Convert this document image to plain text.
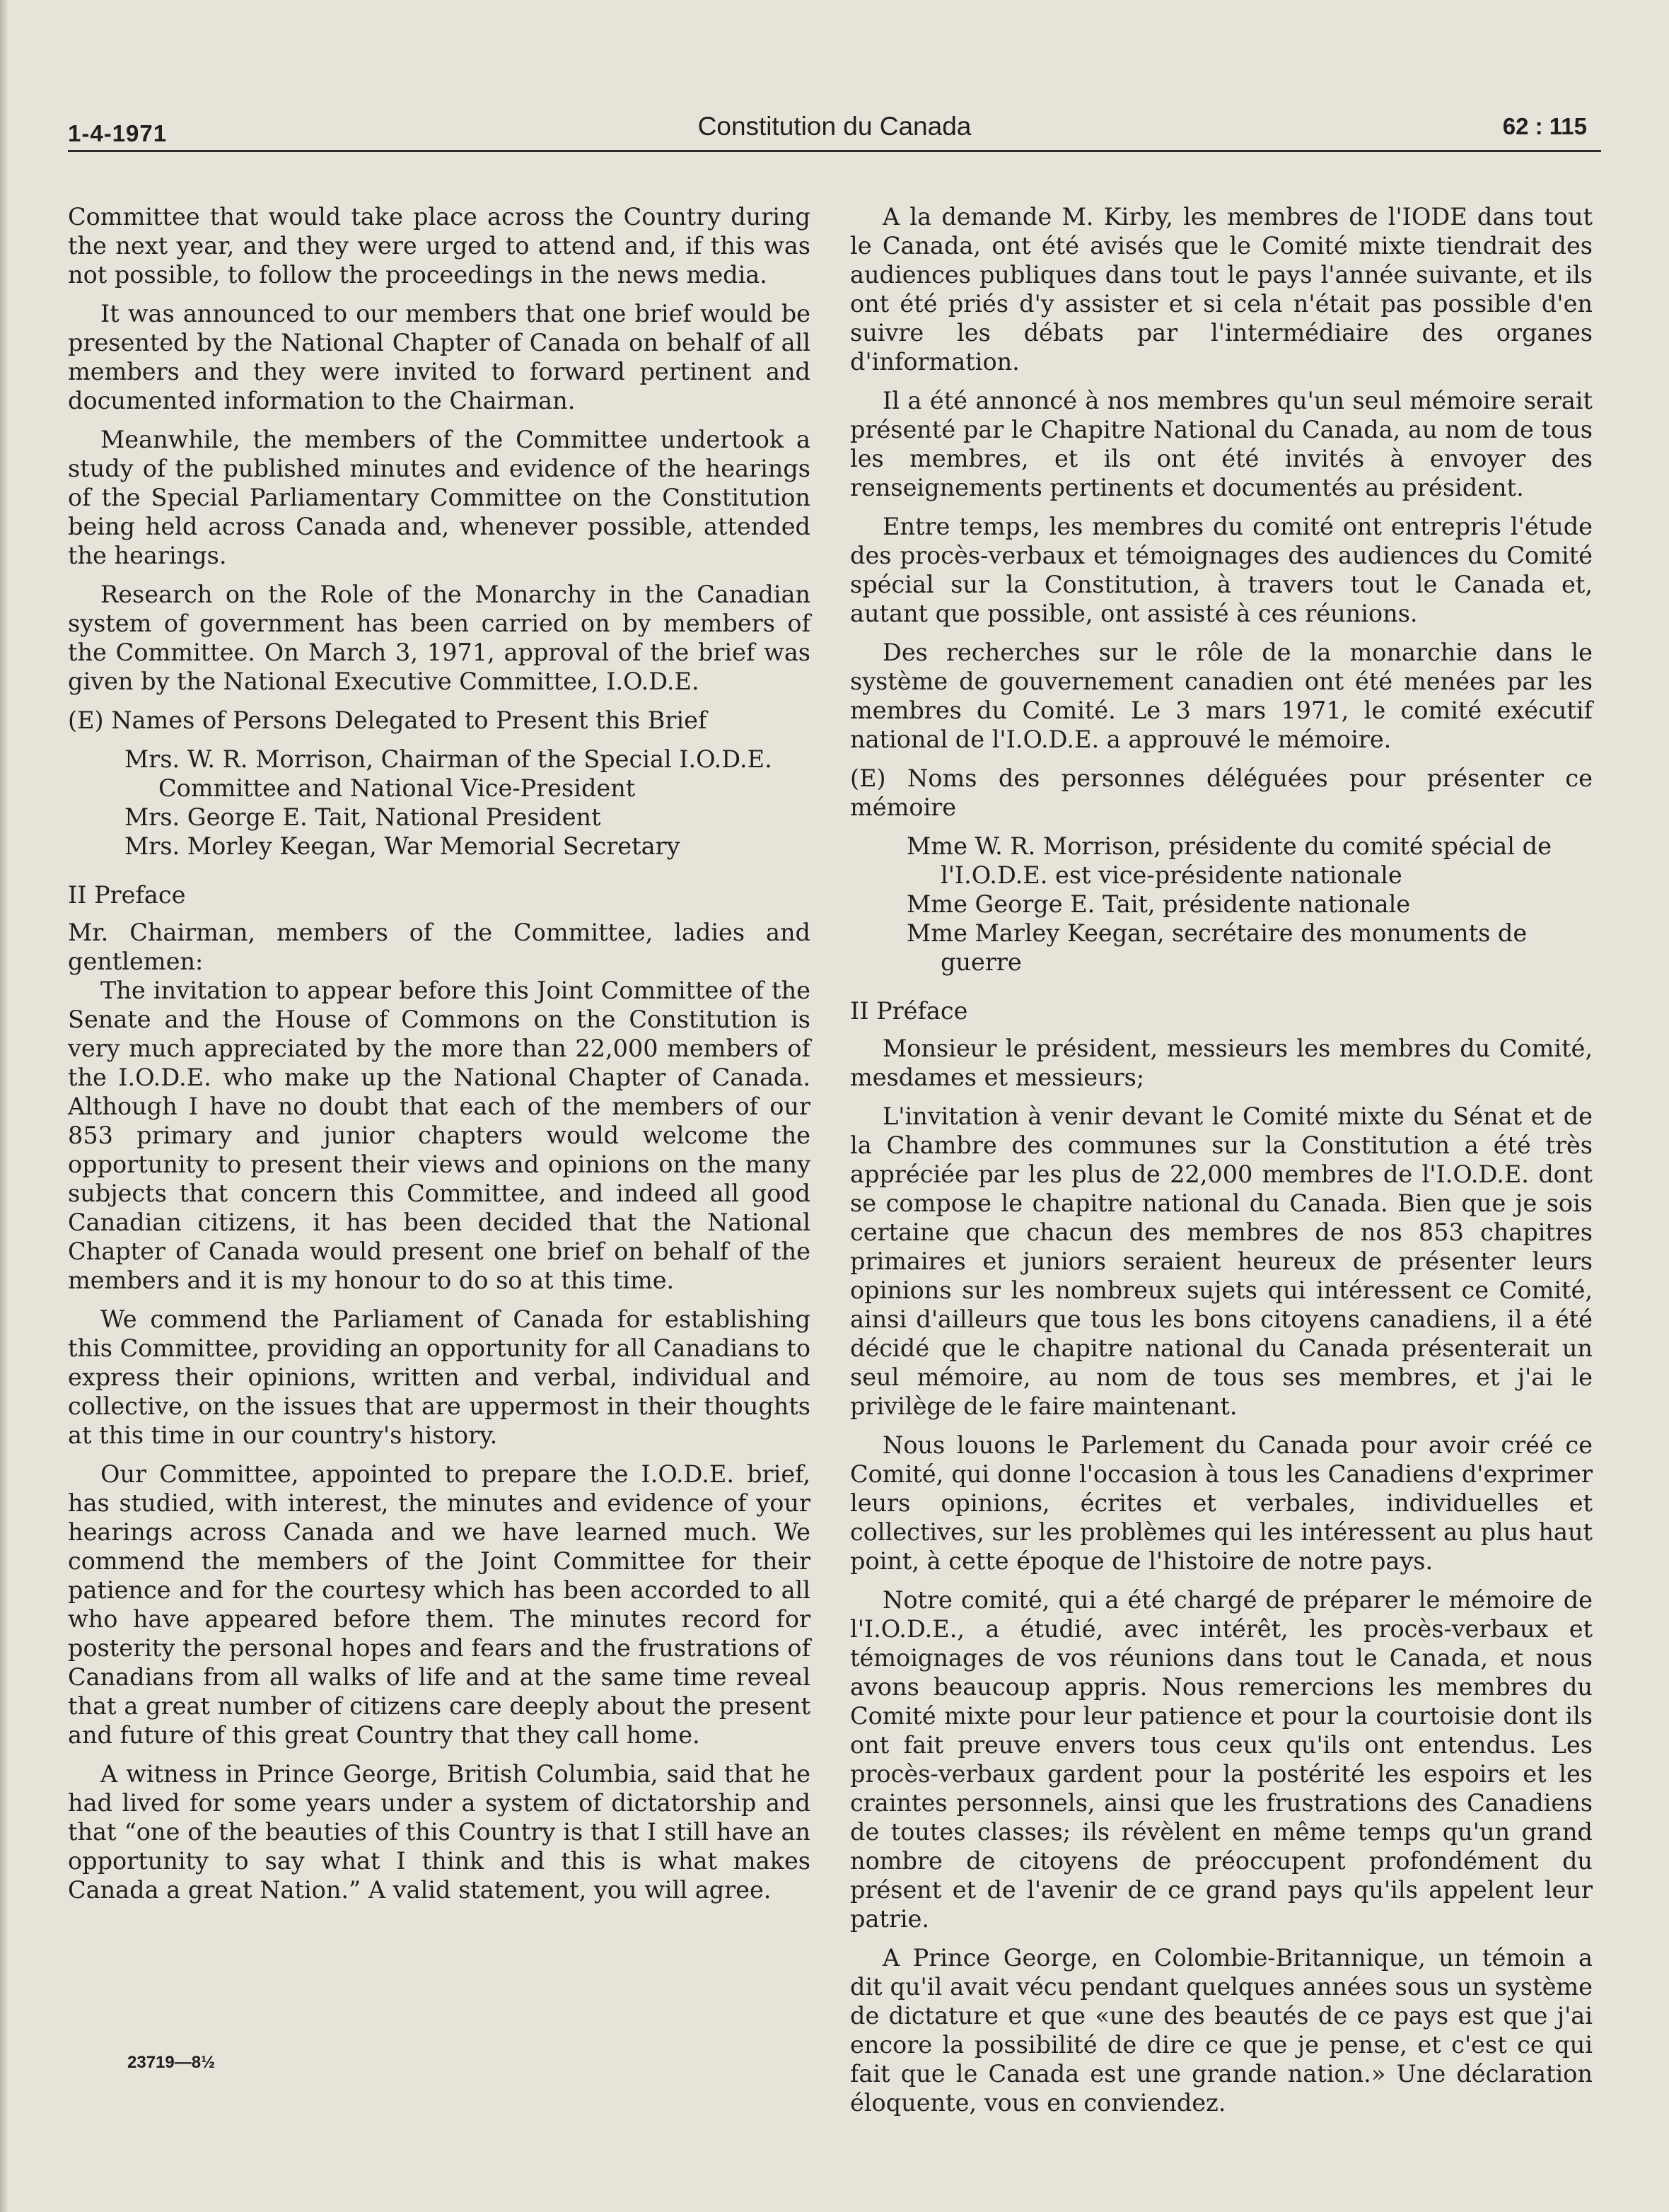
1-4-1971	Constitution du Canada	62 : 115

Committee that would take place across the Country during the next year, and they were urged to attend and, if this was not possible, to follow the proceedings in the news media.

It was announced to our members that one brief would be presented by the National Chapter of Canada on behalf of all members and they were invited to forward pertinent and documented information to the Chairman.

Meanwhile, the members of the Committee undertook a study of the published minutes and evidence of the hearings of the Special Parliamentary Committee on the Constitution being held across Canada and, whenever possible, attended the hearings.

Research on the Role of the Monarchy in the Canadian system of government has been carried on by members of the Committee. On March 3, 1971, approval of the brief was given by the National Executive Committee, I.O.D.E.

(E) Names of Persons Delegated to Present this Brief

Mrs. W. R. Morrison, Chairman of the Special I.O.D.E. Committee and National Vice-President

Mrs. George E. Tait, National President

Mrs. Morley Keegan, War Memorial Secretary

II Preface

Mr. Chairman, members of the Committee, ladies and gentlemen:

The invitation to appear before this Joint Committee of the Senate and the House of Commons on the Constitution is very much appreciated by the more than 22,000 members of the I.O.D.E. who make up the National Chapter of Canada. Although I have no doubt that each of the members of our 853 primary and junior chapters would welcome the opportunity to present their views and opinions on the many subjects that concern this Committee, and indeed all good Canadian citizens, it has been decided that the National Chapter of Canada would present one brief on behalf of the members and it is my honour to do so at this time.

We commend the Parliament of Canada for establishing this Committee, providing an opportunity for all Canadians to express their opinions, written and verbal, individual and collective, on the issues that are uppermost in their thoughts at this time in our country's history.

Our Committee, appointed to prepare the I.O.D.E. brief, has studied, with interest, the minutes and evidence of your hearings across Canada and we have learned much. We commend the members of the Joint Committee for their patience and for the courtesy which has been accorded to all who have appeared before them. The minutes record for posterity the personal hopes and fears and the frustrations of Canadians from all walks of life and at the same time reveal that a great number of citizens care deeply about the present and future of this great Country that they call home.

A witness in Prince George, British Columbia, said that he had lived for some years under a system of dictatorship and that “one of the beauties of this Country is that I still have an opportunity to say what I think and this is what makes Canada a great Nation.” A valid statement, you will agree.

A la demande M. Kirby, les membres de l'IODE dans tout le Canada, ont été avisés que le Comité mixte tiendrait des audiences publiques dans tout le pays l'année suivante, et ils ont été priés d'y assister et si cela n'était pas possible d'en suivre les débats par l'intermédiaire des organes d'information.

Il a été annoncé à nos membres qu'un seul mémoire serait présenté par le Chapitre National du Canada, au nom de tous les membres, et ils ont été invités à envoyer des renseignements pertinents et documentés au président.

Entre temps, les membres du comité ont entrepris l'étude des procès-verbaux et témoignages des audiences du Comité spécial sur la Constitution, à travers tout le Canada et, autant que possible, ont assisté à ces réunions.

Des recherches sur le rôle de la monarchie dans le système de gouvernement canadien ont été menées par les membres du Comité. Le 3 mars 1971, le comité exécutif national de l'I.O.D.E. a approuvé le mémoire.

(E) Noms des personnes déléguées pour présenter ce mémoire

Mme W. R. Morrison, présidente du comité spécial de l'I.O.D.E. est vice-présidente nationale

Mme George E. Tait, présidente nationale

Mme Marley Keegan, secrétaire des monuments de guerre

II Préface

Monsieur le président, messieurs les membres du Comité, mesdames et messieurs;

L'invitation à venir devant le Comité mixte du Sénat et de la Chambre des communes sur la Constitution a été très appréciée par les plus de 22,000 membres de l'I.O.D.E. dont se compose le chapitre national du Canada. Bien que je sois certaine que chacun des membres de nos 853 chapitres primaires et juniors seraient heureux de présenter leurs opinions sur les nombreux sujets qui intéressent ce Comité, ainsi d'ailleurs que tous les bons citoyens canadiens, il a été décidé que le chapitre national du Canada présenterait un seul mémoire, au nom de tous ses membres, et j'ai le privilège de le faire maintenant.

Nous louons le Parlement du Canada pour avoir créé ce Comité, qui donne l'occasion à tous les Canadiens d'exprimer leurs opinions, écrites et verbales, individuelles et collectives, sur les problèmes qui les intéressent au plus haut point, à cette époque de l'histoire de notre pays.

Notre comité, qui a été chargé de préparer le mémoire de l'I.O.D.E., a étudié, avec intérêt, les procès-verbaux et témoignages de vos réunions dans tout le Canada, et nous avons beaucoup appris. Nous remercions les membres du Comité mixte pour leur patience et pour la courtoisie dont ils ont fait preuve envers tous ceux qu'ils ont entendus. Les procès-verbaux gardent pour la postérité les espoirs et les craintes personnels, ainsi que les frustrations des Canadiens de toutes classes; ils révèlent en même temps qu'un grand nombre de citoyens de préoccupent profondément du présent et de l'avenir de ce grand pays qu'ils appelent leur patrie.

A Prince George, en Colombie-Britannique, un témoin a dit qu'il avait vécu pendant quelques années sous un système de dictature et que «une des beautés de ce pays est que j'ai encore la possibilité de dire ce que je pense, et c'est ce qui fait que le Canada est une grande nation.» Une déclaration éloquente, vous en conviendez.

23719—8½
